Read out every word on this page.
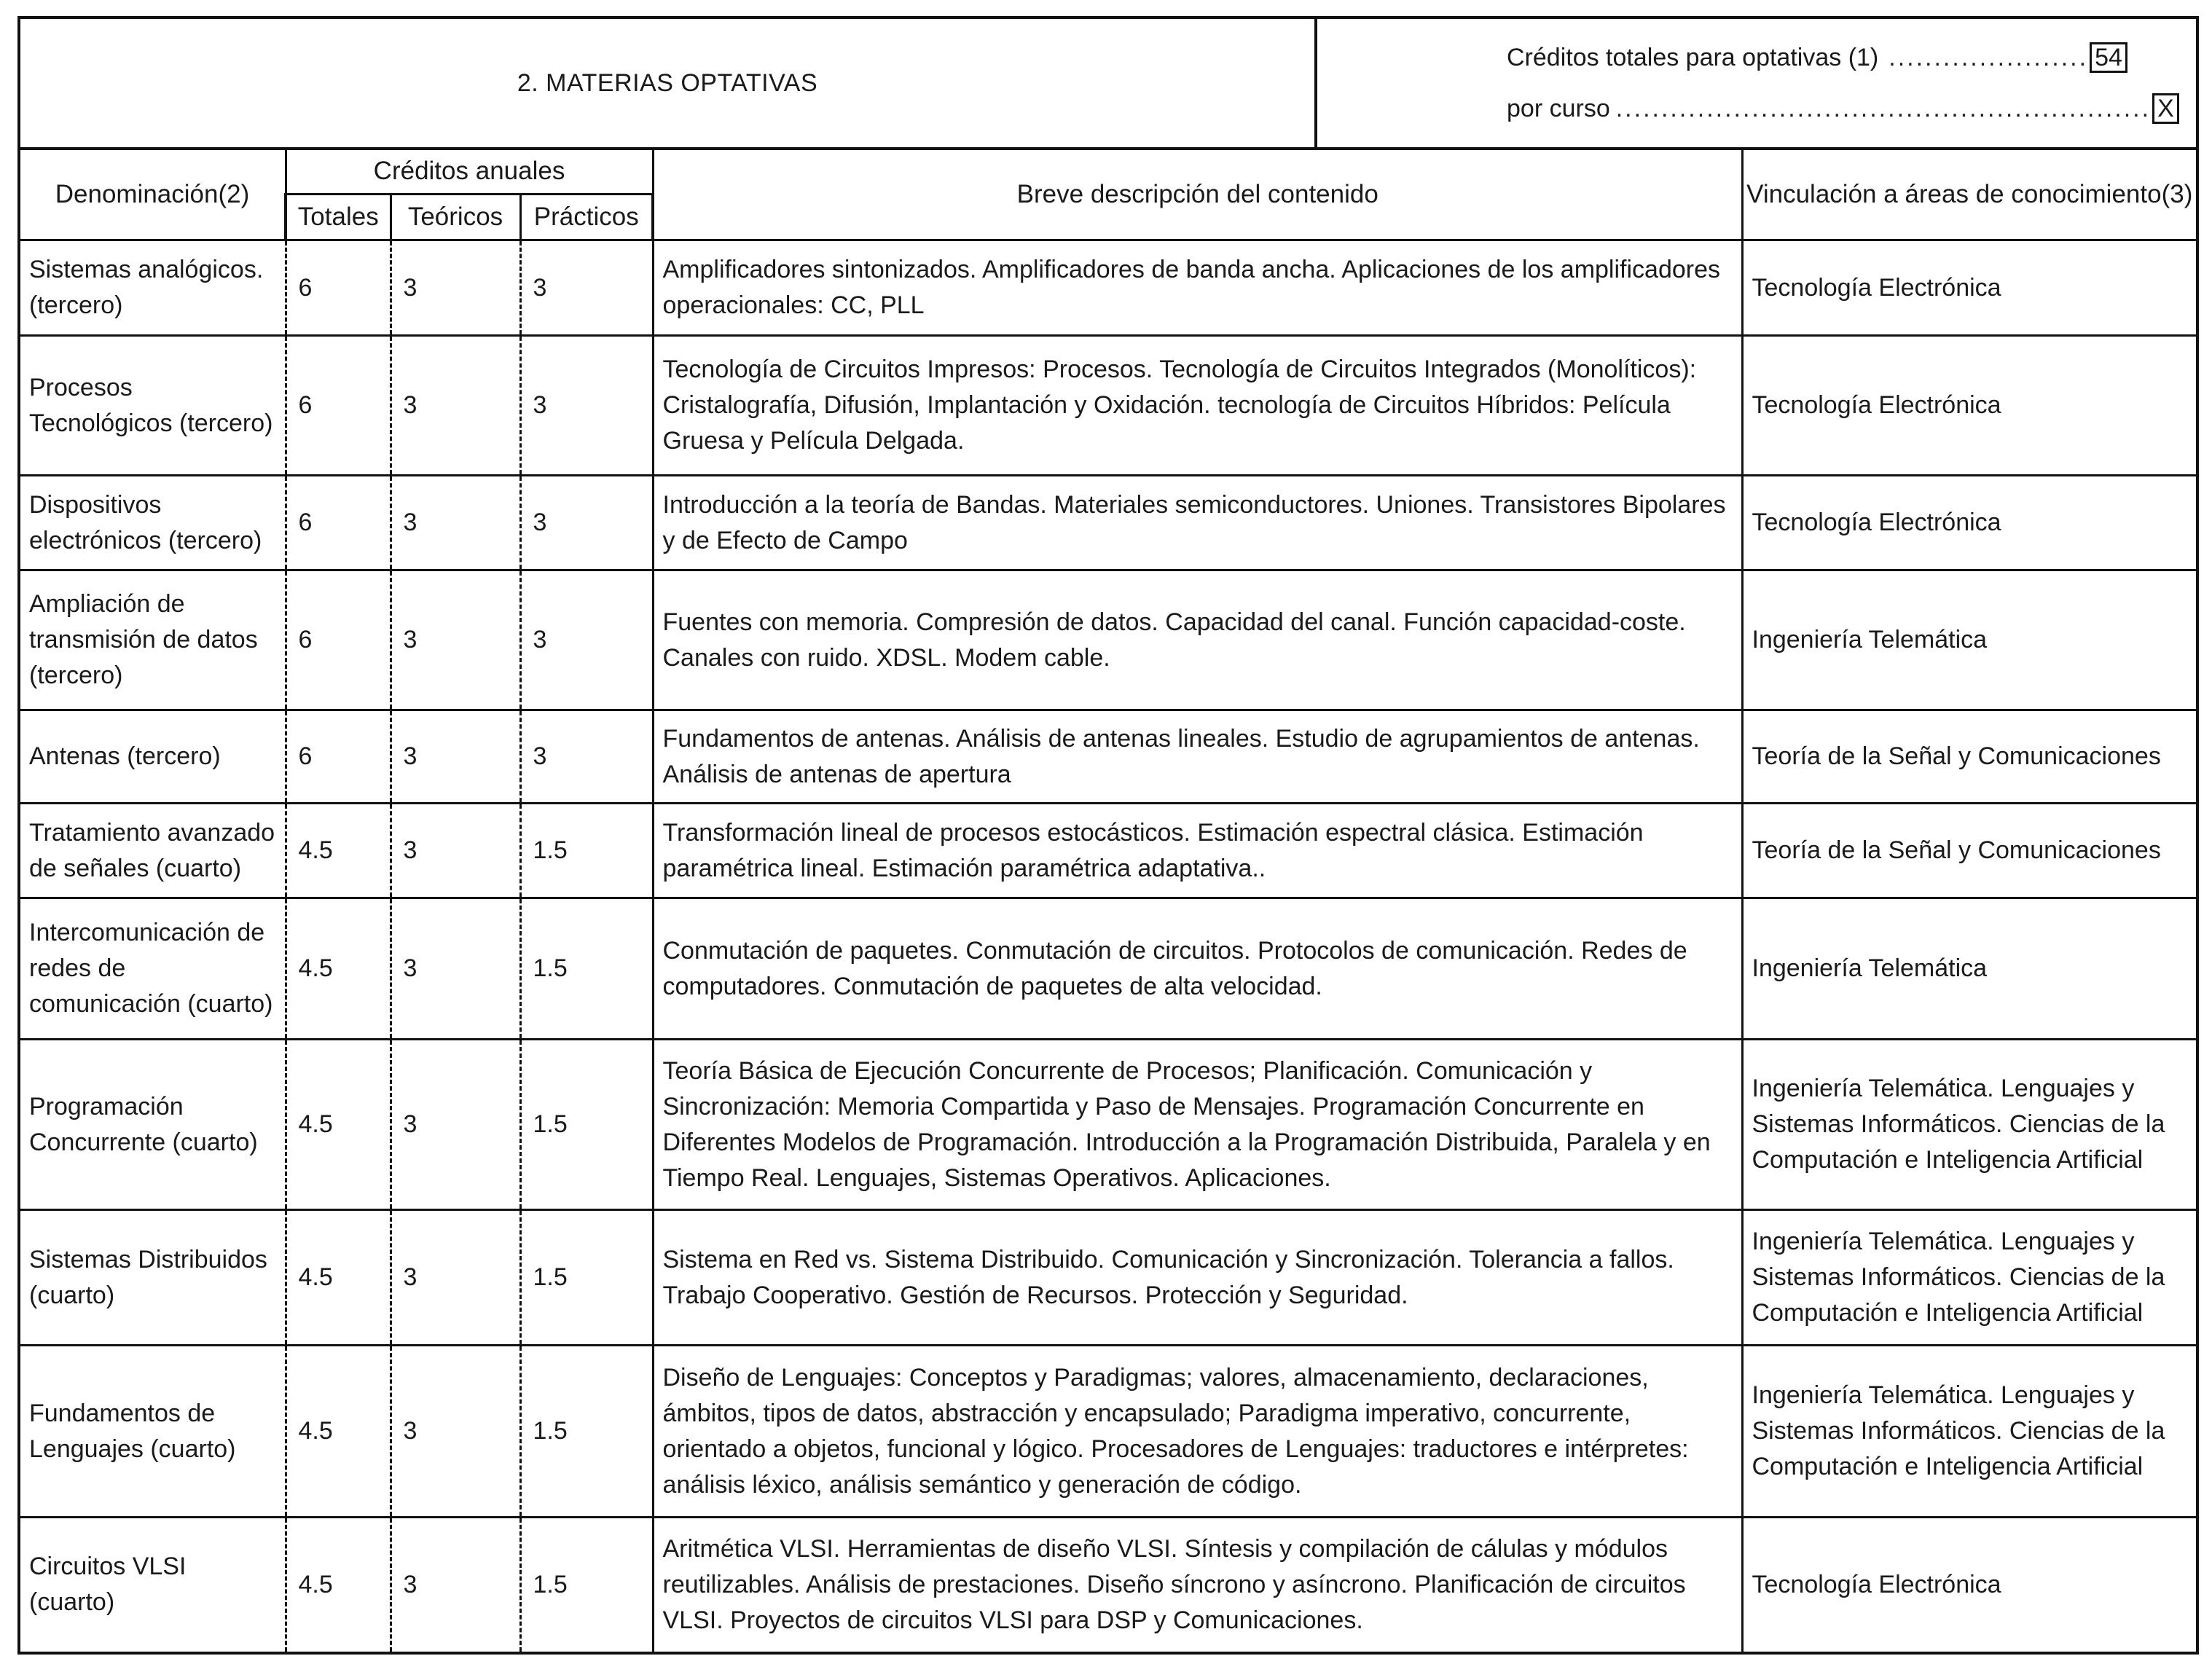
2. MATERIAS OPTATIVAS	
Créditos totales para optativas (1) ...................... 54
por curso ........................................................... X
Denominación(2)	Créditos anuales			Breve descripción del contenido	Vinculación a áreas de conocimiento(3)
	Totales	Teóricos	Prácticos		
Sistemas analógicos. (tercero)	6	3	3	Amplificadores sintonizados. Amplificadores de banda ancha. Aplicaciones de los amplificadores operacionales: CC, PLL	Tecnología Electrónica
Procesos Tecnológicos (tercero)	6	3	3	Tecnología de Circuitos Impresos: Procesos. Tecnología de Circuitos Integrados (Monolíticos): Cristalografía, Difusión, Implantación y Oxidación. tecnología de Circuitos Híbridos: Película Gruesa y Película Delgada.	Tecnología Electrónica
Dispositivos electrónicos (tercero)	6	3	3	Introducción a la teoría de Bandas. Materiales semiconductores. Uniones. Transistores Bipolares y de Efecto de Campo	Tecnología Electrónica
Ampliación de transmisión de datos (tercero)	6	3	3	Fuentes con memoria. Compresión de datos. Capacidad del canal. Función capacidad-coste. Canales con ruido. XDSL. Modem cable.	Ingeniería Telemática
Antenas (tercero)	6	3	3	Fundamentos de antenas. Análisis de antenas lineales. Estudio de agrupamientos de antenas. Análisis de antenas de apertura	Teoría de la Señal y Comunicaciones
Tratamiento avanzado de señales (cuarto)	4.5	3	1.5	Transformación lineal de procesos estocásticos. Estimación espectral clásica. Estimación paramétrica lineal. Estimación paramétrica adaptativa..	Teoría de la Señal y Comunicaciones
Intercomunicación de redes de comunicación (cuarto)	4.5	3	1.5	Conmutación de paquetes. Conmutación de circuitos. Protocolos de comunicación. Redes de computadores. Conmutación de paquetes de alta velocidad.	Ingeniería Telemática
Programación Concurrente (cuarto)	4.5	3	1.5	Teoría Básica de Ejecución Concurrente de Procesos; Planificación. Comunicación y Sincronización: Memoria Compartida y Paso de Mensajes. Programación Concurrente en Diferentes Modelos de Programación. Introducción a la Programación Distribuida, Paralela y en Tiempo Real. Lenguajes, Sistemas Operativos. Aplicaciones.	Ingeniería Telemática. Lenguajes y Sistemas Informáticos. Ciencias de la Computación e Inteligencia Artificial
Sistemas Distribuidos (cuarto)	4.5	3	1.5	Sistema en Red vs. Sistema Distribuido. Comunicación y Sincronización. Tolerancia a fallos. Trabajo Cooperativo. Gestión de Recursos. Protección y Seguridad.	Ingeniería Telemática. Lenguajes y Sistemas Informáticos. Ciencias de la Computación e Inteligencia Artificial
Fundamentos de Lenguajes (cuarto)	4.5	3	1.5	Diseño de Lenguajes: Conceptos y Paradigmas; valores, almacenamiento, declaraciones, ámbitos, tipos de datos, abstracción y encapsulado; Paradigma imperativo, concurrente, orientado a objetos, funcional y lógico. Procesadores de Lenguajes: traductores e intérpretes: análisis léxico, análisis semántico y generación de código.	Ingeniería Telemática. Lenguajes y Sistemas Informáticos. Ciencias de la Computación e Inteligencia Artificial
Circuitos VLSI (cuarto)	4.5	3	1.5	Aritmética VLSI. Herramientas de diseño VLSI. Síntesis y compilación de cálulas y módulos reutilizables. Análisis de prestaciones. Diseño síncrono y asíncrono. Planificación de circuitos VLSI. Proyectos de circuitos VLSI para DSP y Comunicaciones.	Tecnología Electrónica
